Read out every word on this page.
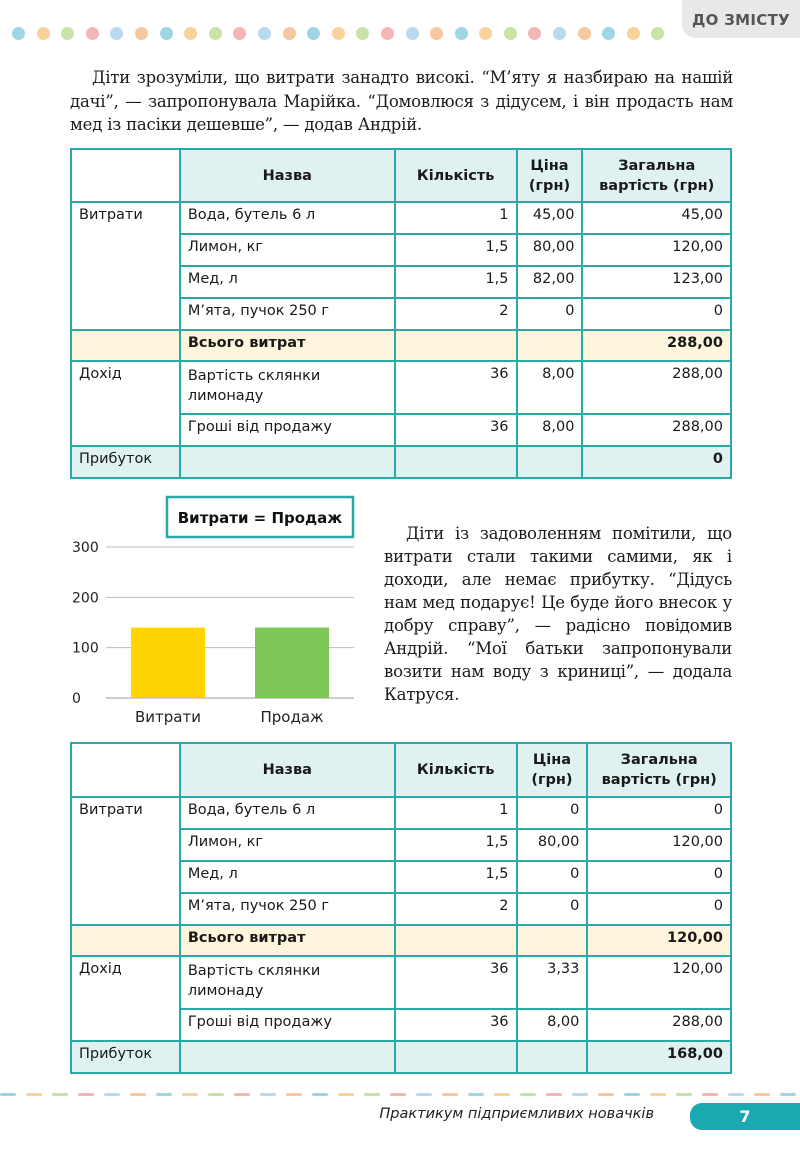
ДО ЗМІСТУ

Діти зрозуміли, що витрати занадто високі. “М’яту я назбираю на нашій дачі”, — запропонувала Марійка. “Домовлюся з дідусем, і він продасть нам мед із пасіки дешевше”, — додав Андрій.

	Назва	Кількість	Ціна (грн)	Загальна вартість (грн)
Витрати	Вода, бутель 6 л	1	45,00	45,00
	Лимон, кг	1,5	80,00	120,00
	Мед, л	1,5	82,00	123,00
	М’ята, пучок 250 г	2	0	0
	Всього витрат			288,00
Дохід	Вартість склянки лимонаду	36	8,00	288,00
	Гроші від продажу	36	8,00	288,00
Прибуток				0
Витрати = Продаж
0
100
200
300
Витрати	Продаж

Діти із задоволенням помітили, що витрати стали такими самими, як і доходи, але немає прибутку. “Дідусь нам мед подарує! Це буде його внесок у добру справу”, — радісно повідомив Андрій. “Мої батьки запропонували возити нам воду з криниці”, — додала Катруся.

	Назва	Кількість	Ціна (грн)	Загальна вартість (грн)
Витрати	Вода, бутель 6 л	1	0	0
	Лимон, кг	1,5	80,00	120,00
	Мед, л	1,5	0	0
	М’ята, пучок 250 г	2	0	0
	Всього витрат			120,00
Дохід	Вартість склянки лимонаду	36	3,33	120,00
	Гроші від продажу	36	8,00	288,00
Прибуток				168,00
Практикум підприємливих новачків	7
